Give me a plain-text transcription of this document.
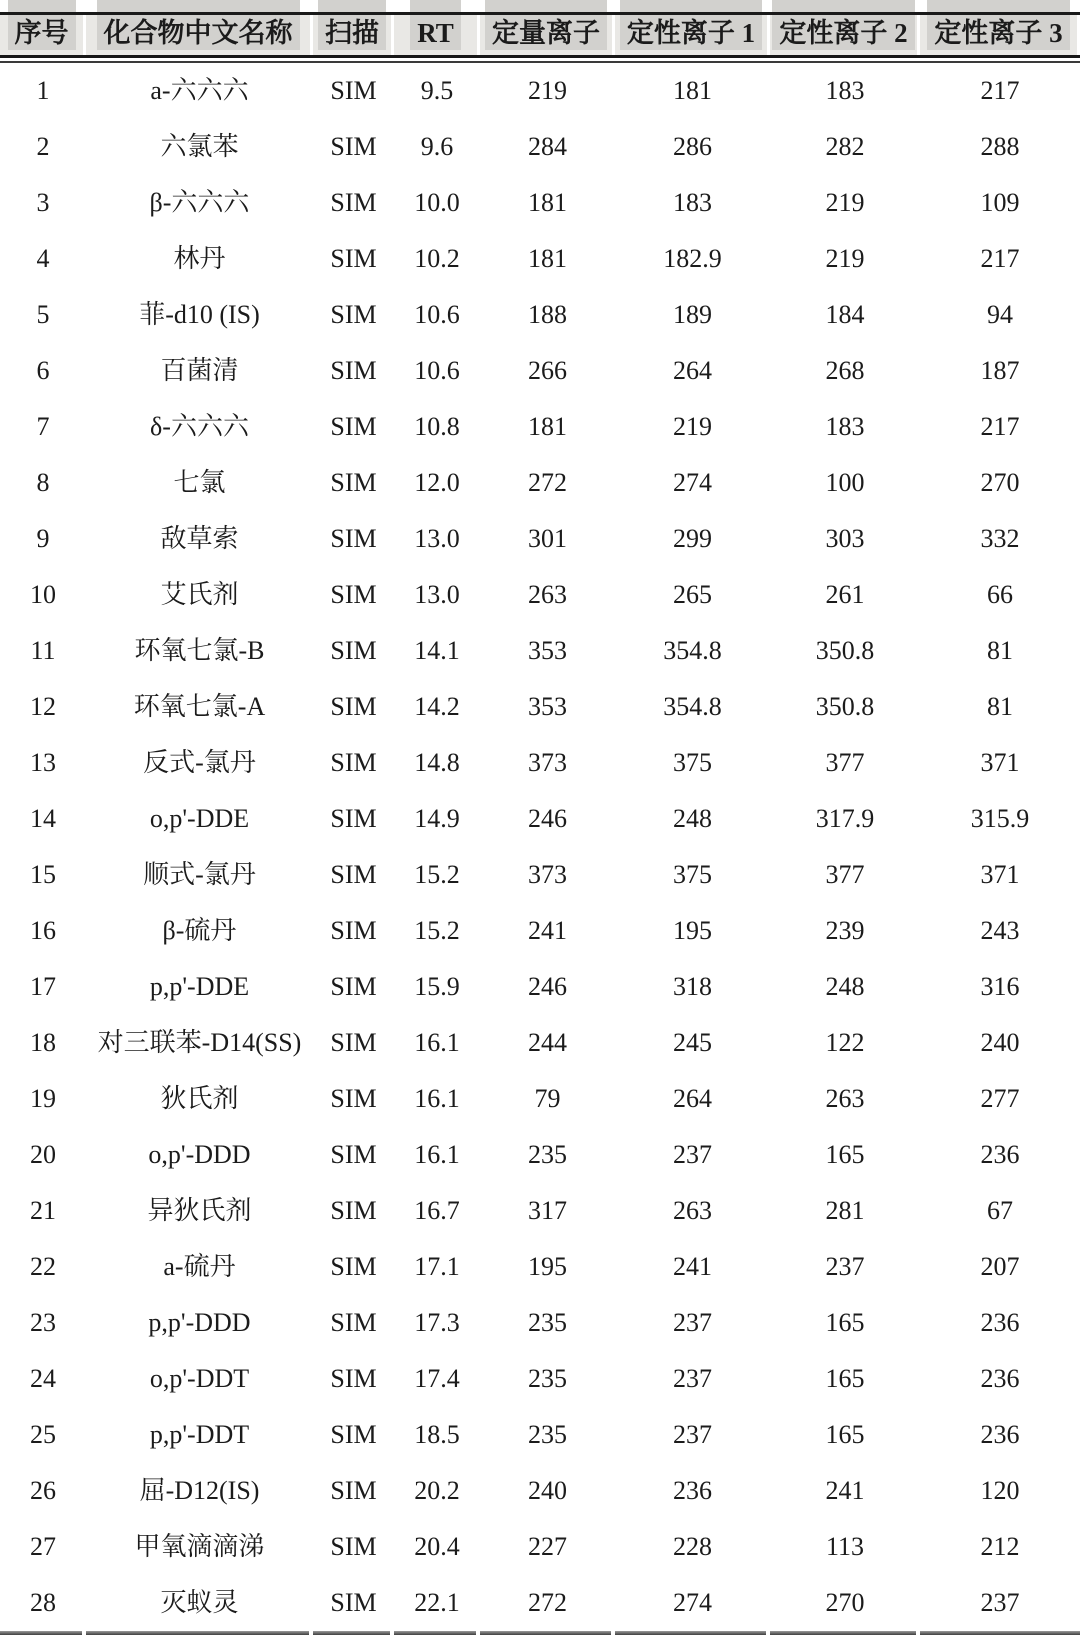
序号 化合物中文名称 扫描 RT 定量离子 定性离子 1 定性离子 2 定性离子 3
1	a-六六六	SIM	9.5	219	181	183	217
2	六氯苯	SIM	9.6	284	286	282	288
3	β-六六六	SIM	10.0	181	183	219	109
4	林丹	SIM	10.2	181	182.9	219	217
5	菲-d10 (IS)	SIM	10.6	188	189	184	94
6	百菌清	SIM	10.6	266	264	268	187
7	δ-六六六	SIM	10.8	181	219	183	217
8	七氯	SIM	12.0	272	274	100	270
9	敌草索	SIM	13.0	301	299	303	332
10	艾氏剂	SIM	13.0	263	265	261	66
11	环氧七氯-B	SIM	14.1	353	354.8	350.8	81
12	环氧七氯-A	SIM	14.2	353	354.8	350.8	81
13	反式-氯丹	SIM	14.8	373	375	377	371
14	o,p'-DDE	SIM	14.9	246	248	317.9	315.9
15	顺式-氯丹	SIM	15.2	373	375	377	371
16	β-硫丹	SIM	15.2	241	195	239	243
17	p,p'-DDE	SIM	15.9	246	318	248	316
18	对三联苯-D14(SS)	SIM	16.1	244	245	122	240
19	狄氏剂	SIM	16.1	79	264	263	277
20	o,p'-DDD	SIM	16.1	235	237	165	236
21	异狄氏剂	SIM	16.7	317	263	281	67
22	a-硫丹	SIM	17.1	195	241	237	207
23	p,p'-DDD	SIM	17.3	235	237	165	236
24	o,p'-DDT	SIM	17.4	235	237	165	236
25	p,p'-DDT	SIM	18.5	235	237	165	236
26	屈-D12(IS)	SIM	20.2	240	236	241	120
27	甲氧滴滴涕	SIM	20.4	227	228	113	212
28	灭蚁灵	SIM	22.1	272	274	270	237
